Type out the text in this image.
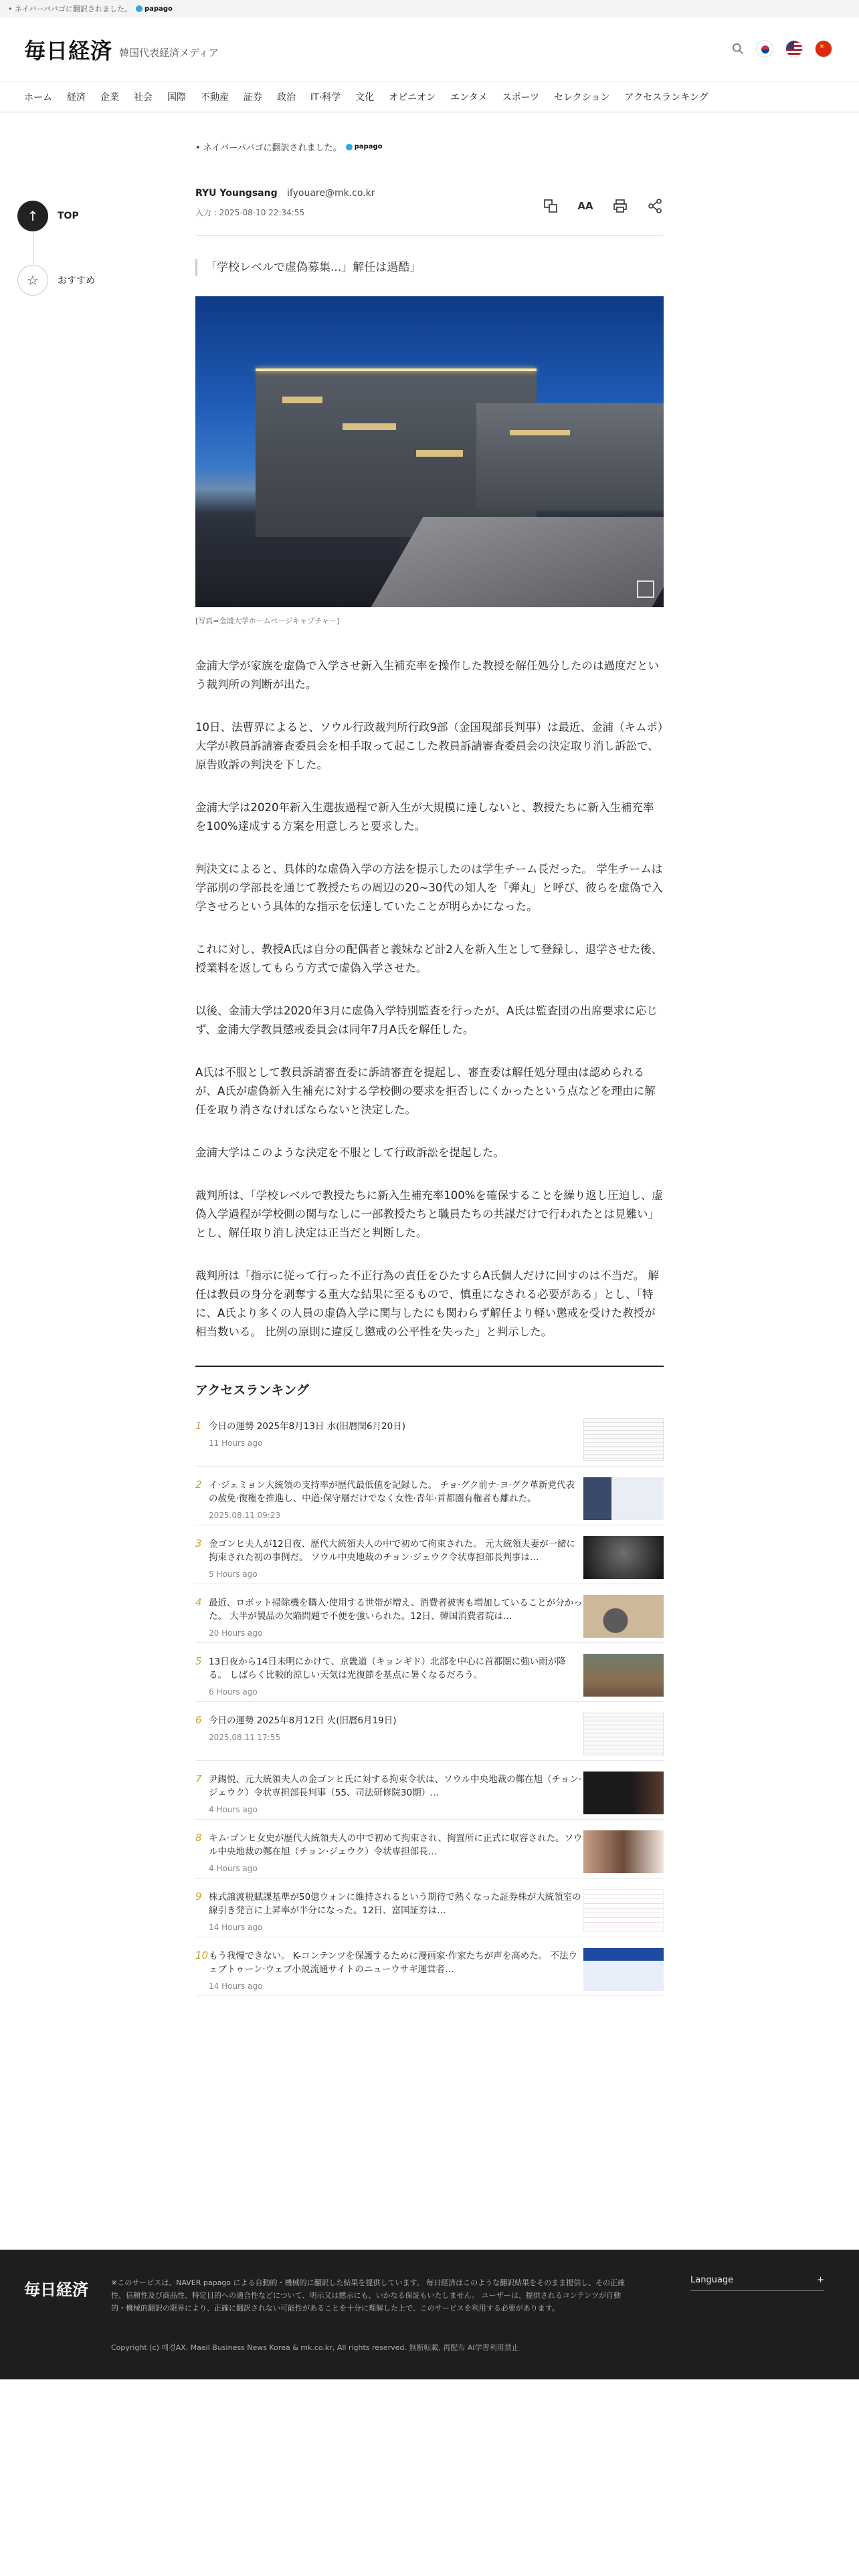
• ネイバーパパゴに翻訳されました。 papago
毎日経済 韓国代表経済メディア
★
ホーム 経済 企業 社会 国際 不動産 証券 政治 IT·科学 文化 オピニオン エンタメ スポーツ セレクション アクセスランキング
↑	TOP
☆	おすすめ
• ネイバーパパゴに翻訳されました。 papago
RYU Youngsang ifyouare@mk.co.kr
入力 : 2025-08-10 22:34:55
AA
「学校レベルで虚偽募集...」解任は過酷」
[写真=金浦大学ホームページキャプチャー]

金浦大学が家族を虚偽で入学させ新入生補充率を操作した教授を解任処分したのは過度だという裁判所の判断が出た。

10日、法曹界によると、ソウル行政裁判所行政9部（金国現部長判事）は最近、金浦（キムポ）大学が教員訴請審査委員会を相手取って起こした教員訴請審査委員会の決定取り消し訴訟で、原告敗訴の判決を下した。

金浦大学は2020年新入生選抜過程で新入生が大規模に達しないと、教授たちに新入生補充率を100%達成する方案を用意しろと要求した。

判決文によると、具体的な虚偽入学の方法を提示したのは学生チーム長だった。 学生チームは学部別の学部長を通じて教授たちの周辺の20~30代の知人を「弾丸」と呼び、彼らを虚偽で入学させろという具体的な指示を伝達していたことが明らかになった。

これに対し、教授A氏は自分の配偶者と義妹など計2人を新入生として登録し、退学させた後、授業料を返してもらう方式で虚偽入学させた。

以後、金浦大学は2020年3月に虚偽入学特別監査を行ったが、A氏は監査団の出席要求に応じず、金浦大学教員懲戒委員会は同年7月A氏を解任した。

A氏は不服として教員訴請審査委に訴請審査を提起し、審査委は解任処分理由は認められるが、A氏が虚偽新入生補充に対する学校側の要求を拒否しにくかったという点などを理由に解任を取り消さなければならないと決定した。

金浦大学はこのような決定を不服として行政訴訟を提起した。

裁判所は、「学校レベルで教授たちに新入生補充率100%を確保することを繰り返し圧迫し、虚偽入学過程が学校側の関与なしに一部教授たちと職員たちの共謀だけで行われたとは見難い」とし、解任取り消し決定は正当だと判断した。

裁判所は「指示に従って行った不正行為の責任をひたすらA氏個人だけに回すのは不当だ。 解任は教員の身分を剥奪する重大な結果に至るもので、慎重になされる必要がある」とし、「特に、A氏より多くの人員の虚偽入学に関与したにも関わらず解任より軽い懲戒を受けた教授が相当数いる。 比例の原則に違反し懲戒の公平性を失った」と判示した。

アクセスランキング
1 今日の運勢 2025年8月13日 水(旧暦閏6月20日)
11 Hours ago
2 イ·ジェミョン大統領の支持率が歴代最低値を記録した。 チョ·グク前ナ·ヨ·グク革新党代表の赦免·復権を推進し、中道·保守層だけでなく女性·青年·首都圏有権者も離れた。
2025.08.11 09:23
3 金ゴンヒ夫人が12日夜、歴代大統領夫人の中で初めて拘束された。 元大統領夫妻が一緒に拘束された初の事例だ。 ソウル中央地裁のチョン·ジェウク令状専担部長判事は…
5 Hours ago
4 最近、ロボット掃除機を購入·使用する世帯が増え、消費者被害も増加していることが分かった。 大半が製品の欠陥問題で不便を強いられた。12日、韓国消費者院は…
20 Hours ago
5 13日夜から14日未明にかけて、京畿道（キョンギド）北部を中心に首都圏に強い雨が降る。 しばらく比較的涼しい天気は光復節を基点に暑くなるだろう。
6 Hours ago
6 今日の運勢 2025年8月12日 火(旧暦6月19日)
2025.08.11 17:55
7 尹錫悦、元大統領夫人の金ゴンヒ氏に対する拘束令状は、ソウル中央地裁の鄭在旭（チョン·ジェウク）令状専担部長判事（55、司法研修院30期）…
4 Hours ago
8 キム·ゴンヒ女史が歴代大統領夫人の中で初めて拘束され、拘置所に正式に収容された。ソウル中央地裁の鄭在旭（チョン·ジェウク）令状専担部長…
4 Hours ago
9 株式譲渡税賦課基準が50億ウォンに維持されるという期待で熱くなった証券株が大統領室の線引き発言に上昇率が半分になった。12日、富国証券は…
14 Hours ago
10 もう我慢できない。 K-コンテンツを保護するために漫画家·作家たちが声を高めた。 不法ウェブトゥーン·ウェブ小説流通サイトのニューウサギ運営者…
14 Hours ago
毎日経済	※このサービスは、NAVER papago による自動的・機械的に翻訳した結果を提供しています。 毎日経済はこのような翻訳結果をそのまま提供し、その正確性、信頼性及び商品性、特定目的への適合性などについて、明示又は黙示にも、いかなる保証もいたしません。 ユーザーは、提供されるコンテンツが自動的・機械的翻訳の限界により、正確に翻訳されない可能性があることを十分に理解した上で、このサービスを利用する必要があります。
Copyright (c) 매경AX. Maeil Business News Korea & mk.co.kr, All rights reserved. 無断転載, 再配布 AI学習利用禁止
Language	+
